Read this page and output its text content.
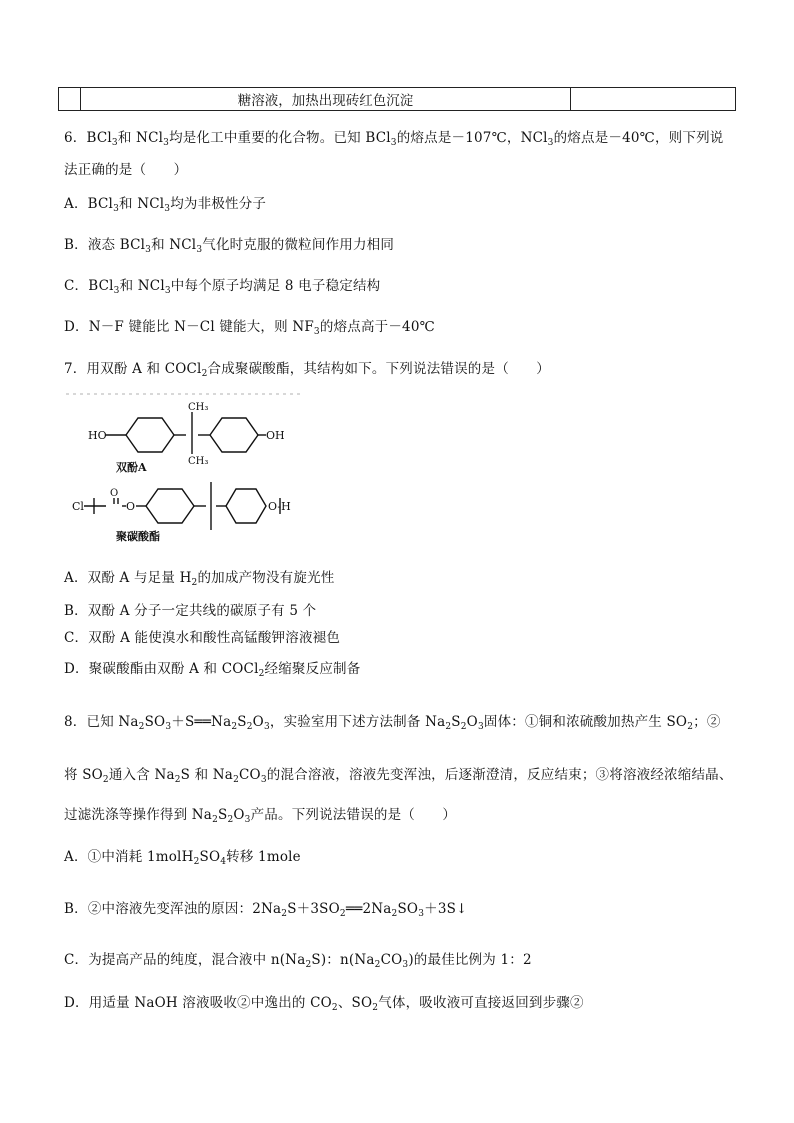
糖溶液，加热出现砖红色沉淀
6．BCl$_3$和 NCl$_3$均是化工中重要的化合物。已知 BCl$_3$的熔点是－107℃，NCl$_3$的熔点是－40℃，则下列说
法正确的是（　　）
A．BCl$_3$和 NCl$_3$均为非极性分子
B．液态 BCl$_3$和 NCl$_3$气化时克服的微粒间作用力相同
C．BCl$_3$和 NCl$_3$中每个原子均满足 8 电子稳定结构
D．N－F 键能比 N－Cl 键能大，则 $NF_3$的熔点高于－40℃
7．用双酚 A 和 COCl$_2$合成聚碳酸酯，其结构如下。下列说法错误的是（　　）
HO	OH
CH₃
CH₃
双酚A
Cl
O
O	O-H
聚碳酸酯
A．双酚 A 与足量 $H_2$的加成产物没有旋光性
B．双酚 A 分子一定共线的碳原子有 5 个
C．双酚 A 能使溴水和酸性高锰酸钾溶液褪色
D．聚碳酸酯由双酚 A 和 COCl$_2$经缩聚反应制备
8．已知 $Na_2SO_3+S══Na_2S_2O_3$，实验室用下述方法制备 $Na_2S_2O_3$固体：①铜和浓硫酸加热产生 $SO_2$；②
将 $SO_2$通入含 $Na_2S$ 和 $Na_2CO_3$的混合溶液，溶液先变浑浊，后逐渐澄清，反应结束；③将溶液经浓缩结晶、
过滤洗涤等操作得到 $Na_2S_2O_3$产品。下列说法错误的是（　　）
A．①中消耗 $1molH_2SO_4$转移 1mole
B．②中溶液先变浑浊的原因：$2Na_2S+3SO_2══2Na_2SO_3+3S↓$
C．为提高产品的纯度，混合液中 $n(Na_2S)$：$n(Na_2CO_3)$的最佳比例为 1：2
D．用适量 NaOH 溶液吸收②中逸出的 $CO_2$、$SO_2$气体，吸收液可直接返回到步骤②
